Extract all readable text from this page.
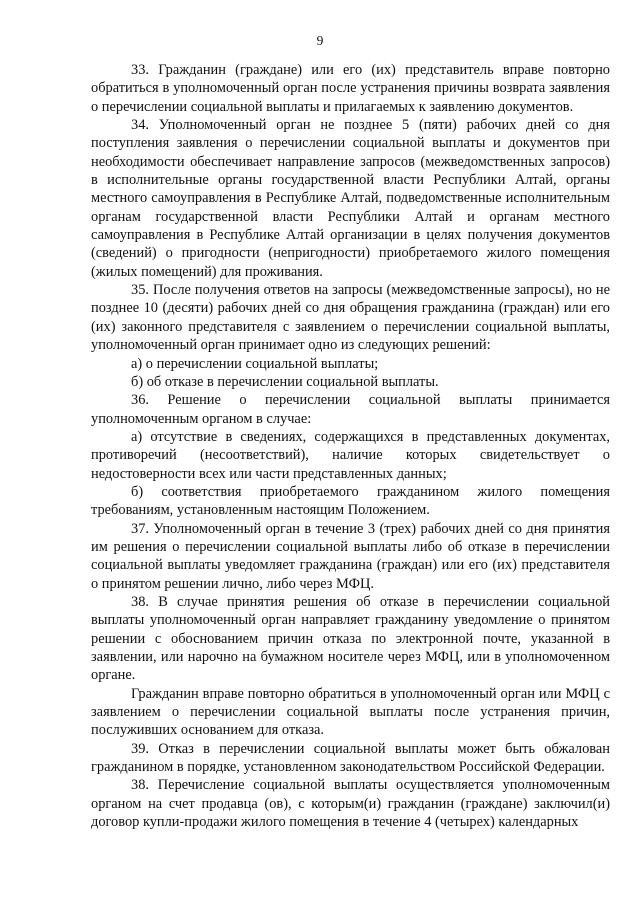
9

33. Гражданин (граждане) или его (их) представитель вправе повторно обратиться в уполномоченный орган после устранения причины возврата заявления о перечислении социальной выплаты и прилагаемых к заявлению документов.

34. Уполномоченный орган не позднее 5 (пяти) рабочих дней со дня поступления заявления о перечислении социальной выплаты и документов при необходимости обеспечивает направление запросов (межведомственных запросов) в исполнительные органы государственной власти Республики Алтай, органы местного самоуправления в Республике Алтай, подведомственные исполнительным органам государственной власти Республики Алтай и органам местного самоуправления в Республике Алтай организации в целях получения документов (сведений) о пригодности (непригодности) приобретаемого жилого помещения (жилых помещений) для проживания.

35. После получения ответов на запросы (межведомственные запросы), но не позднее 10 (десяти) рабочих дней со дня обращения гражданина (граждан) или его (их) законного представителя с заявлением о перечислении социальной выплаты, уполномоченный орган принимает одно из следующих решений:

а) о перечислении социальной выплаты;

б) об отказе в перечислении социальной выплаты.

36. Решение о перечислении социальной выплаты принимается уполномоченным органом в случае:

а) отсутствие в сведениях, содержащихся в представленных документах, противоречий (несоответствий), наличие которых свидетельствует о недостоверности всех или части представленных данных;

б) соответствия приобретаемого гражданином жилого помещения требованиям, установленным настоящим Положением.

37. Уполномоченный орган в течение 3 (трех) рабочих дней со дня принятия им решения о перечислении социальной выплаты либо об отказе в перечислении социальной выплаты уведомляет гражданина (граждан) или его (их) представителя о принятом решении лично, либо через МФЦ.

38. В случае принятия решения об отказе в перечислении социальной выплаты уполномоченный орган направляет гражданину уведомление о принятом решении с обоснованием причин отказа по электронной почте, указанной в заявлении, или нарочно на бумажном носителе через МФЦ, или в уполномоченном органе.

Гражданин вправе повторно обратиться в уполномоченный орган или МФЦ с заявлением о перечислении социальной выплаты после устранения причин, послуживших основанием для отказа.

39. Отказ в перечислении социальной выплаты может быть обжалован гражданином в порядке, установленном законодательством Российской Федерации.

38. Перечисление социальной выплаты осуществляется уполномоченным органом на счет продавца (ов), с которым(и) гражданин (граждане) заключил(и) договор купли-продажи жилого помещения в течение 4 (четырех) календарных
